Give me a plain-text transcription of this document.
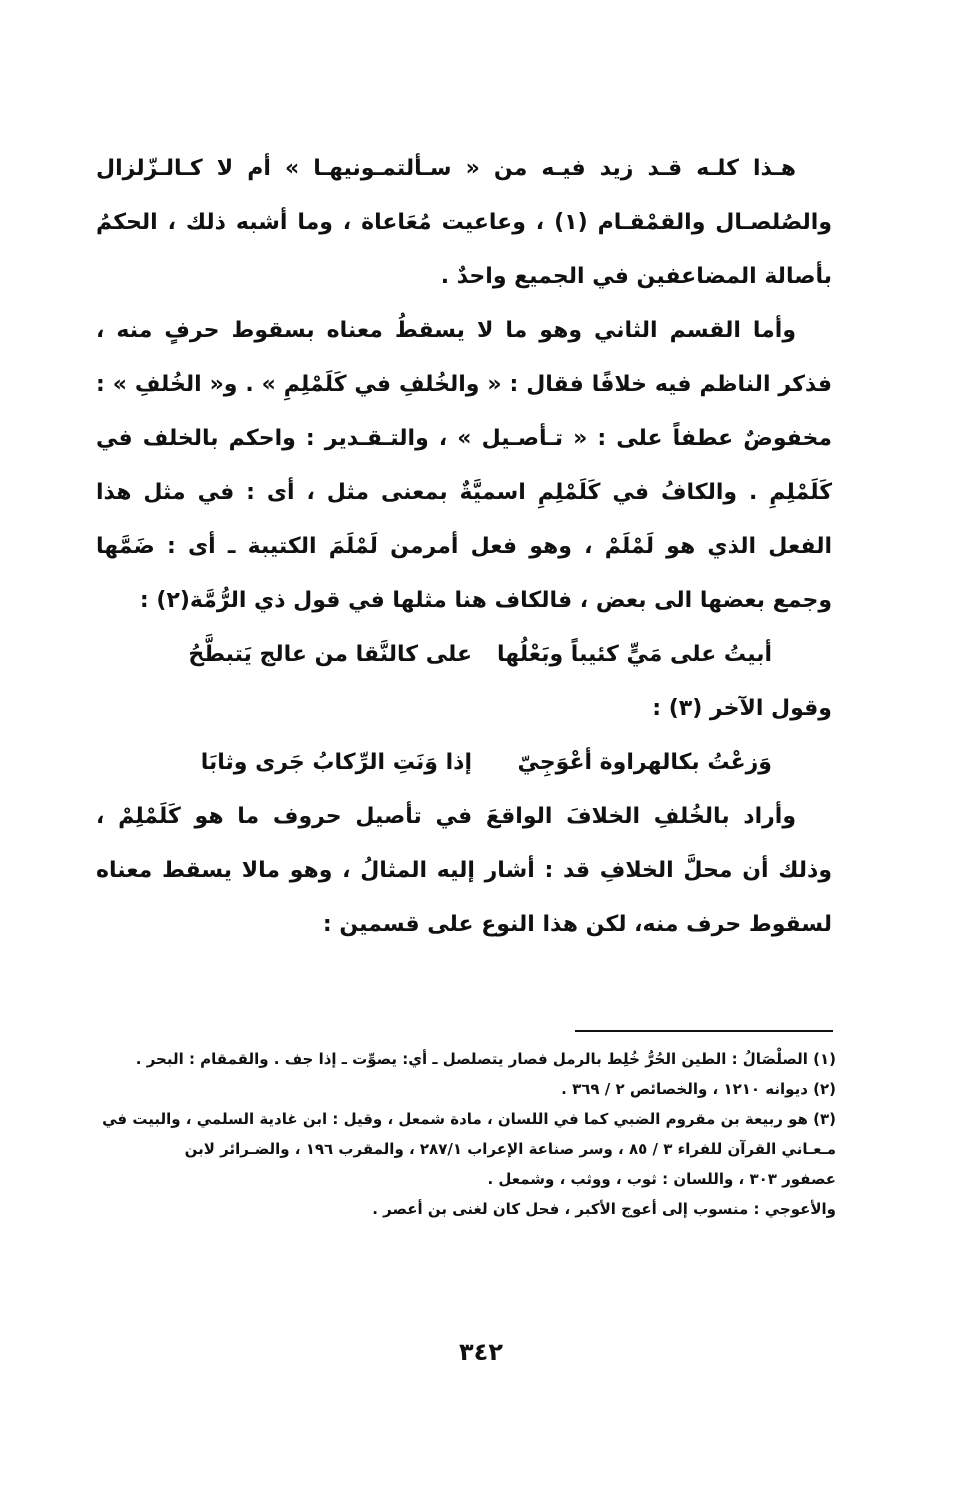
هـذا كلـه قـد زيد فيـه من « سـألتمـونيهـا » أم لا كـالـزّلزال والصُلصـال والقمْقـام (١) ، وعاعيت مُعَاعاة ، وما أشبه ذلك ، الحكمُ بأصالة المضاعفين في الجميع واحدٌ .

وأما القسم الثاني وهو ما لا يسقطُ معناه بسقوط حرفٍ منه ، فذكر الناظم فيه خلافًا فقال : « والخُلفِ في كَلَمْلِمِ » . و« الخُلفِ » : مخفوضٌ عطفاً على : « تـأصـيل » ، والتـقـدير : واحكم بالخلف في كَلَمْلِمِ . والكافُ في كَلَمْلِمِ اسميَّةٌ بمعنى مثل ، أى : في مثل هذا الفعل الذي هو لَمْلَمْ ، وهو فعل أمرمن لَمْلَمَ الكتيبة ـ أى : ضَمَّها وجمع بعضها الى بعض ، فالكاف هنا مثلها في قول ذي الرُّمَّة(٢) :

أبيتُ على مَيٍّ كئيباً وبَعْلُها
على كالنَّقا من عالج يَتبطَّحُ

وقول الآخر (٣) :

وَزعْتُ بكالهراوة أعْوَجِيّ
إذا وَنَتِ الرِّكابُ جَرى وثابَا

وأراد بالخُلفِ الخلافَ الواقعَ في تأصيل حروف ما هو كَلَمْلِمْ ، وذلك أن محلَّ الخلافِ قد : أشار إليه المثالُ ، وهو مالا يسقط معناه لسقوط حرف منه، لكن هذا النوع على قسمين :

(١) الصلْصَالُ : الطين الحُرُّ خُلِط بالرمل فصار يتصلصل ـ أي: يصوِّت ـ إذا جف . والقمقام : البحر .

(٢) ديوانه ١٢١٠ ، والخصائص ٢ / ٣٦٩ .

(٣) هو ربيعة بن مقروم الضبي كما في اللسان ، مادة شمعل ، وقيل : ابن غادية السلمي ، والبيت في

مـعـاني القرآن للفراء ٣ / ٨٥ ، وسر صناعة الإعراب ٢٨٧/١ ، والمقرب ١٩٦ ، والضـرائر لابن

عصفور ٣٠٣ ، واللسان : ثوب ، ووثب ، وشمعل .

والأعوجي : منسوب إلى أعوج الأكبر ، فحل كان لغنى بن أعصر .

٣٤٢
